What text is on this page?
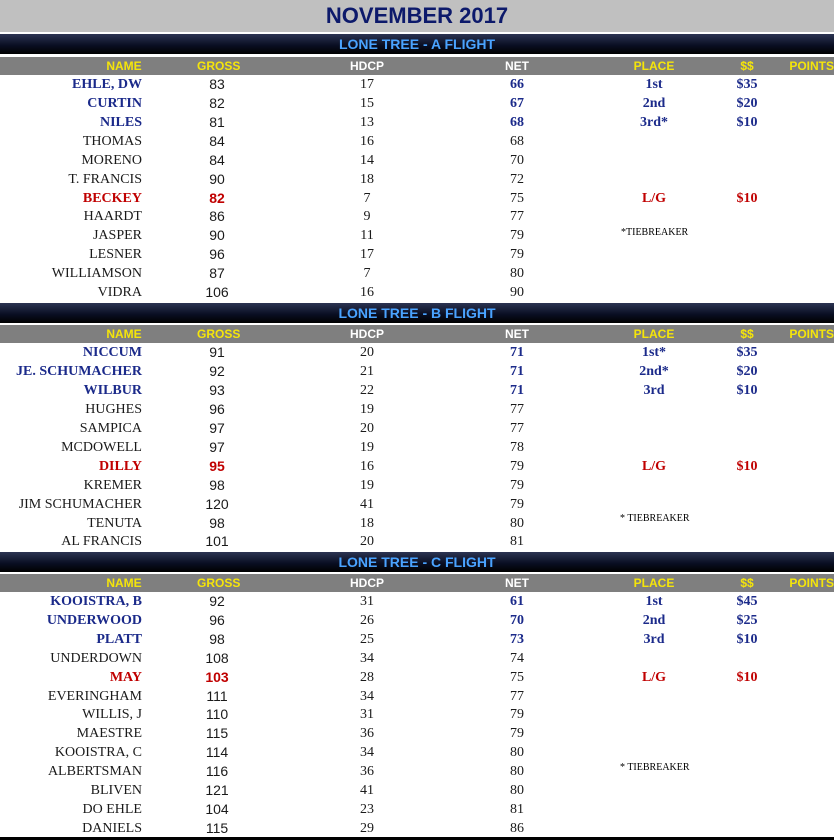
NOVEMBER 2017
LONE TREE - A FLIGHT
NAME	GROSS	HDCP	NET	PLACE	$$	POINTS
EHLE, DW	83	17	66	1st	$35
CURTIN	82	15	67	2nd	$20
NILES	81	13	68	3rd*	$10
THOMAS	84	16	68
MORENO	84	14	70
T. FRANCIS	90	18	72
BECKEY	82	7	75	L/G	$10
HAARDT	86	9	77
JASPER	90	11	79
LESNER	96	17	79
WILLIAMSON	87	7	80
VIDRA	106	16	90
*TIEBREAKER
LONE TREE - B FLIGHT
NAME	GROSS	HDCP	NET	PLACE	$$	POINTS
NICCUM	91	20	71	1st*	$35
JE. SCHUMACHER	92	21	71	2nd*	$20
WILBUR	93	22	71	3rd	$10
HUGHES	96	19	77
SAMPICA	97	20	77
MCDOWELL	97	19	78
DILLY	95	16	79	L/G	$10
KREMER	98	19	79
JIM SCHUMACHER	120	41	79
TENUTA	98	18	80
AL FRANCIS	101	20	81
* TIEBREAKER
LONE TREE - C FLIGHT
NAME	GROSS	HDCP	NET	PLACE	$$	POINTS
KOOISTRA, B	92	31	61	1st	$45
UNDERWOOD	96	26	70	2nd	$25
PLATT	98	25	73	3rd	$10
UNDERDOWN	108	34	74
MAY	103	28	75	L/G	$10
EVERINGHAM	111	34	77
WILLIS, J	110	31	79
MAESTRE	115	36	79
KOOISTRA, C	114	34	80
ALBERTSMAN	116	36	80
BLIVEN	121	41	80
DO EHLE	104	23	81
DANIELS	115	29	86
* TIEBREAKER
